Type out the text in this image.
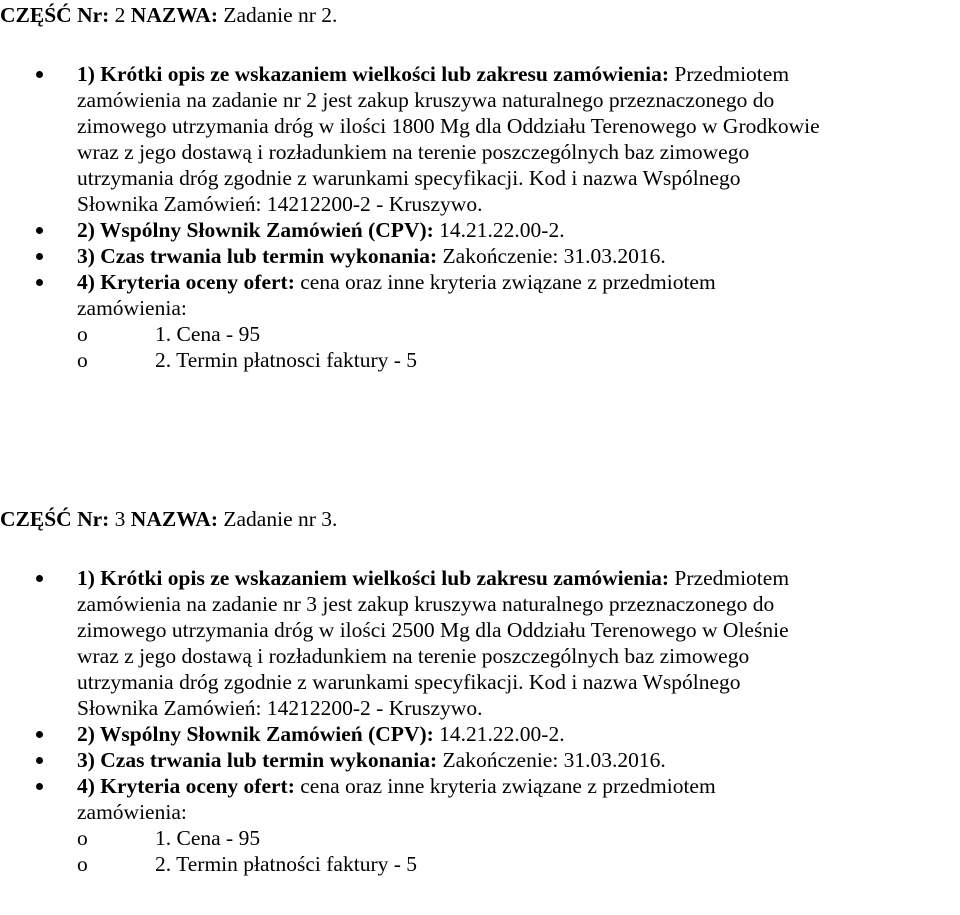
CZĘŚĆ Nr: 2 NAZWA: Zadanie nr 2.
1) Krótki opis ze wskazaniem wielkości lub zakresu zamówienia: Przedmiotem
zamówienia na zadanie nr 2 jest zakup kruszywa naturalnego przeznaczonego do
zimowego utrzymania dróg w ilości 1800 Mg dla Oddziału Terenowego w Grodkowie
wraz z jego dostawą i rozładunkiem na terenie poszczególnych baz zimowego
utrzymania dróg zgodnie z warunkami specyfikacji. Kod i nazwa Wspólnego
Słownika Zamówień: 14212200-2 - Kruszywo.
2) Wspólny Słownik Zamówień (CPV): 14.21.22.00-2.
3) Czas trwania lub termin wykonania: Zakończenie: 31.03.2016.
4) Kryteria oceny ofert: cena oraz inne kryteria związane z przedmiotem
zamówienia:
o	1. Cena - 95
o	2. Termin płatnosci faktury - 5
CZĘŚĆ Nr: 3 NAZWA: Zadanie nr 3.
1) Krótki opis ze wskazaniem wielkości lub zakresu zamówienia: Przedmiotem
zamówienia na zadanie nr 3 jest zakup kruszywa naturalnego przeznaczonego do
zimowego utrzymania dróg w ilości 2500 Mg dla Oddziału Terenowego w Oleśnie
wraz z jego dostawą i rozładunkiem na terenie poszczególnych baz zimowego
utrzymania dróg zgodnie z warunkami specyfikacji. Kod i nazwa Wspólnego
Słownika Zamówień: 14212200-2 - Kruszywo.
2) Wspólny Słownik Zamówień (CPV): 14.21.22.00-2.
3) Czas trwania lub termin wykonania: Zakończenie: 31.03.2016.
4) Kryteria oceny ofert: cena oraz inne kryteria związane z przedmiotem
zamówienia:
o	1. Cena - 95
o	2. Termin płatności faktury - 5
